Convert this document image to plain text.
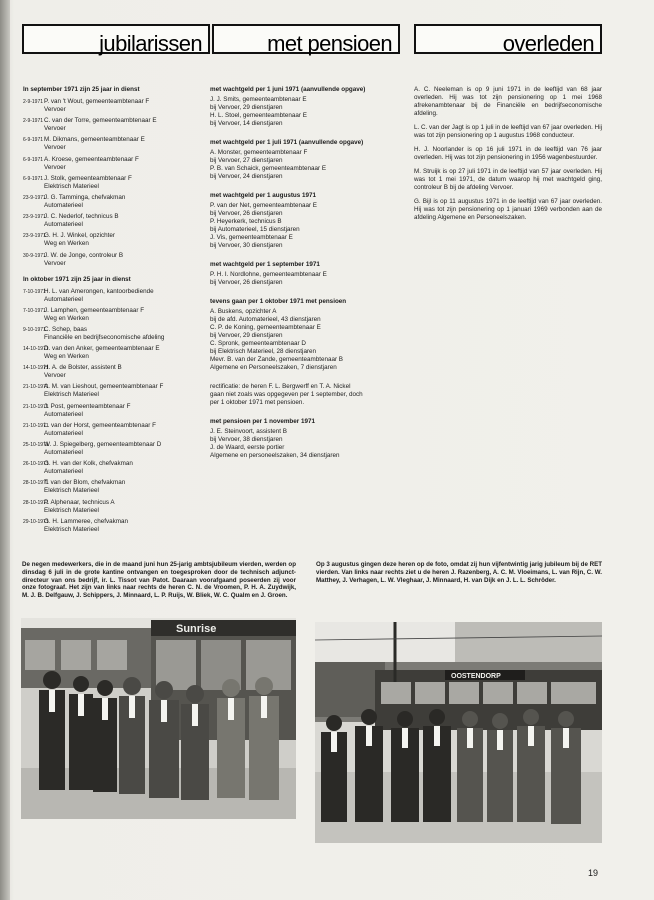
jubilarissen	met pensioen	overleden
In september 1971 zijn 25 jaar in dienst
2-9-1971 P. van 't Wout, gemeenteambtenaar F
Vervoer
2-9-1971 C. van der Torre, gemeenteambtenaar E
Vervoer
6-9-1971 M. Dikmans, gemeenteambtenaar E
Vervoer
6-9-1971 A. Kroese, gemeenteambtenaar F
Vervoer
6-9-1971 J. Stolk, gemeenteambtenaar F
Elektrisch Materieel
23-9-1971
J. G. Tamminga, chefvakman
Automaterieel
23-9-1971
J. C. Nederlof, technicus B
Automaterieel
23-9-1971
G. H. J. Winkel, opzichter
Weg en Werken
30-9-1971
J. W. de Jonge, controleur B
Vervoer
In oktober 1971 zijn 25 jaar in dienst
7-10-1971
H. L. van Amerongen, kantoorbediende
Automaterieel
7-10-1971
J. Lamphen, gemeenteambtenaar F
Weg en Werken
9-10-1971
C. Schep, baas
Financiële en bedrijfseconomische afdeling
14-10-1971
D. van den Anker, gemeenteambtenaar E
Weg en Werken
14-10-1971
H. A. de Bolster, assistent B
Vervoer
21-10-1971
A. M. van Lieshout, gemeenteambtenaar F
Elektrisch Materieel
21-10-1971
J. Post, gemeenteambtenaar F
Automaterieel
21-10-1971
L. van der Horst, gemeenteambtenaar F
Automaterieel
25-10-1971
W. J. Spiegelberg, gemeenteambtenaar D
Automaterieel
26-10-1971
G. H. van der Kolk, chefvakman
Automaterieel
28-10-1971
T. van der Blom, chefvakman
Elektrisch Materieel
28-10-1971
P. Alphenaar, technicus A
Elektrisch Materieel
29-10-1971
G. H. Lammeree, chefvakman
Elektrisch Materieel
met wachtgeld per 1 juni 1971 (aanvullende opgave)
J. J. Smits, gemeenteambtenaar E
bij Vervoer, 29 dienstjaren
H. L. Stoel, gemeenteambtenaar E
bij Vervoer, 14 dienstjaren
met wachtgeld per 1 juli 1971 (aanvullende opgave)
A. Monster, gemeenteambtenaar F
bij Vervoer, 27 dienstjaren
P. B. van Schaick, gemeenteambtenaar E
bij Vervoer, 24 dienstjaren
met wachtgeld per 1 augustus 1971
P. van der Net, gemeenteambtenaar E
bij Vervoer, 26 dienstjaren
P. Heyerkerk, technicus B
bij Automaterieel, 15 dienstjaren
J. Vis, gemeenteambtenaar E
bij Vervoer, 30 dienstjaren
met wachtgeld per 1 september 1971
P. H. I. Nordlohne, gemeenteambtenaar E
bij Vervoer, 26 dienstjaren
tevens gaan per 1 oktober 1971 met pensioen
A. Buskens, opzichter A
bij de afd. Automaterieel, 43 dienstjaren
C. P. de Koning, gemeenteambtenaar E
bij Vervoer, 29 dienstjaren
C. Spronk, gemeenteambtenaar D
bij Elektrisch Materieel, 28 dienstjaren
Mevr. B. van der Zande, gemeenteambtenaar B
Algemene en Personeelszaken, 7 dienstjaren
rectificatie: de heren F. L. Bergwerff en T. A. Nickel
gaan niet zoals was opgegeven per 1 september, doch
per 1 oktober 1971 met pensioen.
met pensioen per 1 november 1971
J. E. Steinvoort, assistent B
bij Vervoer, 38 dienstjaren
J. de Waard, eerste portier
Algemene en personeelszaken, 34 dienstjaren

A. C. Neeleman is op 9 juni 1971 in de leeftijd van 68 jaar overleden. Hij was tot zijn pensionering op 1 mei 1968 afrekenambtenaar bij de Financiële en bedrijfseconomische afdeling.

L. C. van der Jagt is op 1 juli in de leeftijd van 67 jaar overleden. Hij was tot zijn pensionering op 1 augustus 1968 conducteur.

H. J. Noorlander is op 16 juli 1971 in de leeftijd van 76 jaar overleden. Hij was tot zijn pensionering in 1956 wagenbestuurder.

M. Struijk is op 27 juli 1971 in de leeftijd van 57 jaar overleden. Hij was tot 1 mei 1971, de datum waarop hij met wachtgeld ging, controleur B bij de afdeling Vervoer.

G. Bijl is op 11 augustus 1971 in de leeftijd van 67 jaar overleden. Hij was tot zijn pensionering op 1 januari 1969 verbonden aan de afdeling Algemene en Personeelszaken.

De negen medewerkers, die in de maand juni hun 25-jarig ambtsjubileum vierden, werden op dinsdag 6 juli in de grote kantine ontvangen en toegesproken door de technisch adjunct-directeur van ons bedrijf, ir. L. Tissot van Patot. Daaraan voorafgaand poseerden zij voor onze fotograaf. Het zijn van links naar rechts de heren C. N. de Vroomen, P. H. A. Zuydwijk, M. J. B. Delfgauw, J. Schippers, J. Minnaard, L. P. Ruijs, W. Bliek, W. C. Qualm en J. Groen.
Op 3 augustus gingen deze heren op de foto, omdat zij hun vijfentwintig jarig jubileum bij de RET vierden. Van links naar rechts ziet u de heren J. Razenberg, A. C. M. Vloeimans, L. van Rijn, C. W. Matthey, J. Verhagen, L. W. Vleghaar, J. Minnaard, H. van Dijk en J. L. L. Schröder.
Sunrise
OOSTENDORP
19
